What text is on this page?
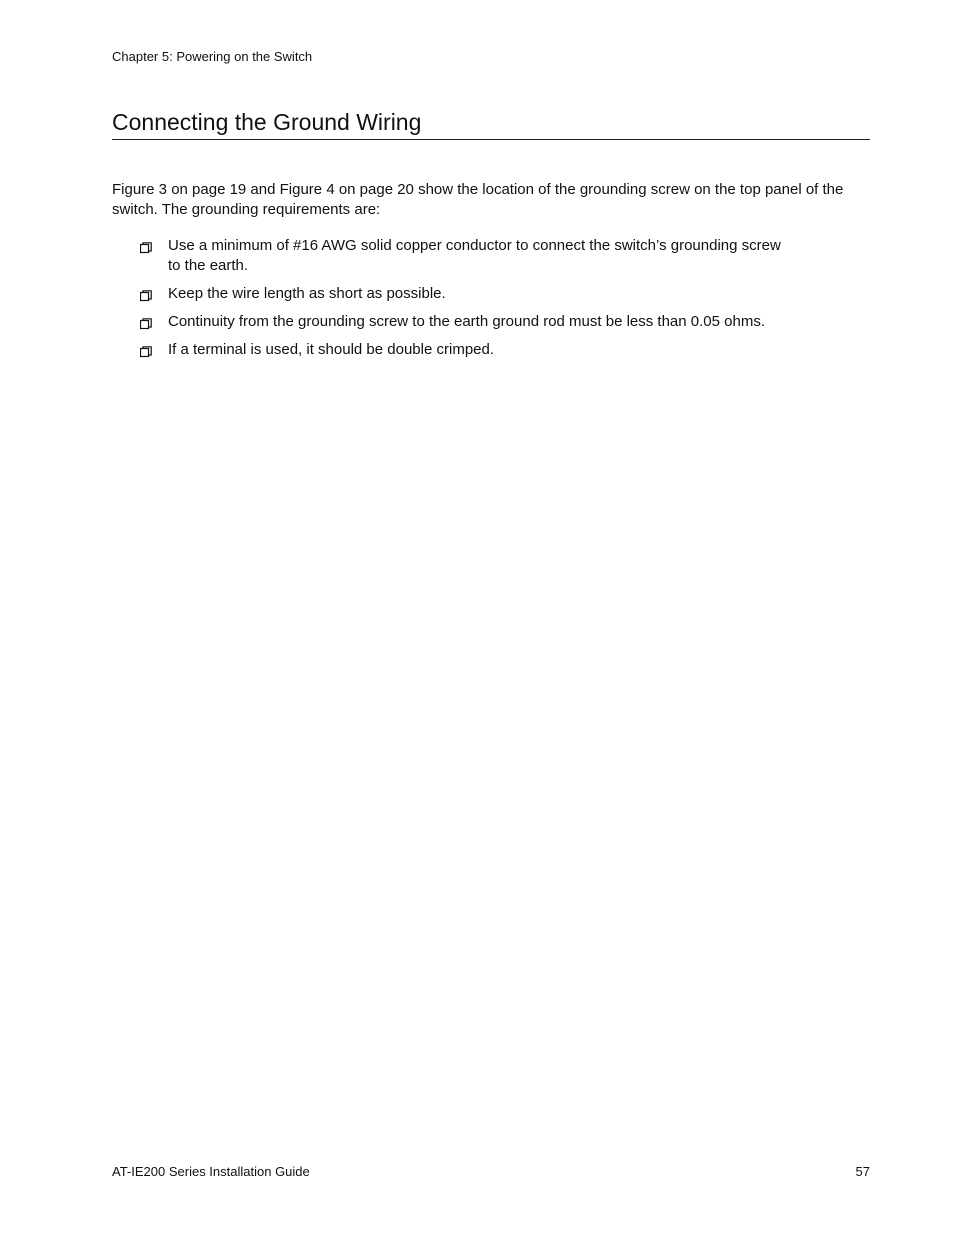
Chapter 5: Powering on the Switch
Connecting the Ground Wiring

Figure 3 on page 19 and Figure 4 on page 20 show the location of the grounding screw on the top panel of the switch. The grounding requirements are:

Use a minimum of #16 AWG solid copper conductor to connect the switch’s grounding screw to the earth.
Keep the wire length as short as possible.
Continuity from the grounding screw to the earth ground rod must be less than 0.05 ohms.
If a terminal is used, it should be double crimped.
AT-IE200 Series Installation Guide	57
